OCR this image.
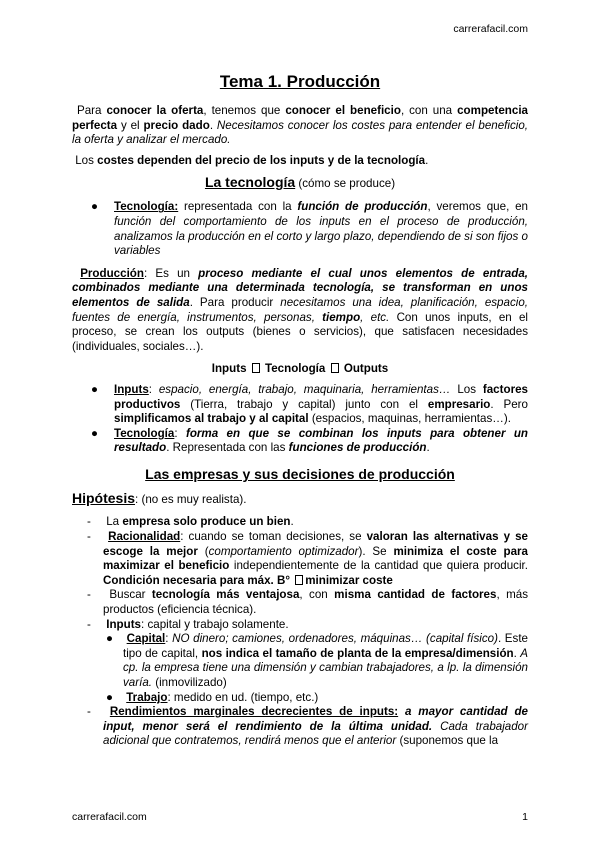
carrerafacil.com
Tema 1. Producción

Para conocer la oferta, tenemos que conocer el beneficio, con una competencia perfecta y el precio dado. Necesitamos conocer los costes para entender el beneficio, la oferta y analizar el mercado.

Los costes dependen del precio de los inputs y de la tecnología.

La tecnología (cómo se produce)
● Tecnología: representada con la función de producción, veremos que, en función del comportamiento de los inputs en el proceso de producción, analizamos la producción en el corto y largo plazo, dependiendo de si son fijos o variables

Producción: Es un proceso mediante el cual unos elementos de entrada, combinados mediante una determinada tecnología, se transforman en unos elementos de salida. Para producir necesitamos una idea, planificación, espacio, fuentes de energía, instrumentos, personas, tiempo, etc. Con unos inputs, en el proceso, se crean los outputs (bienes o servicios), que satisfacen necesidades (individuales, sociales…).

Inputs Tecnología Outputs
● Inputs: espacio, energía, trabajo, maquinaria, herramientas… Los factores productivos (Tierra, trabajo y capital) junto con el empresario. Pero simplificamos al trabajo y al capital (espacios, maquinas, herramientas…).
● Tecnología: forma en que se combinan los inputs para obtener un resultado. Representada con las funciones de producción.
Las empresas y sus decisiones de producción
Hipótesis: (no es muy realista).
- La empresa solo produce un bien.
- Racionalidad: cuando se toman decisiones, se valoran las alternativas y se escoge la mejor (comportamiento optimizador). Se minimiza el coste para maximizar el beneficio independientemente de la cantidad que quiera producir. Condición necesaria para máx. B° minimizar coste
- Buscar tecnología más ventajosa, con misma cantidad de factores, más productos (eficiencia técnica).
- Inputs: capital y trabajo solamente.
● Capital: NO dinero; camiones, ordenadores, máquinas… (capital físico). Este tipo de capital, nos indica el tamaño de planta de la empresa/dimensión. A cp. la empresa tiene una dimensión y cambian trabajadores, a lp. la dimensión varía. (inmovilizado)
● Trabajo: medido en ud. (tiempo, etc.)
- Rendimientos marginales decrecientes de inputs: a mayor cantidad de input, menor será el rendimiento de la última unidad. Cada trabajador adicional que contratemos, rendirá menos que el anterior (suponemos que la
carrerafacil.com	1
